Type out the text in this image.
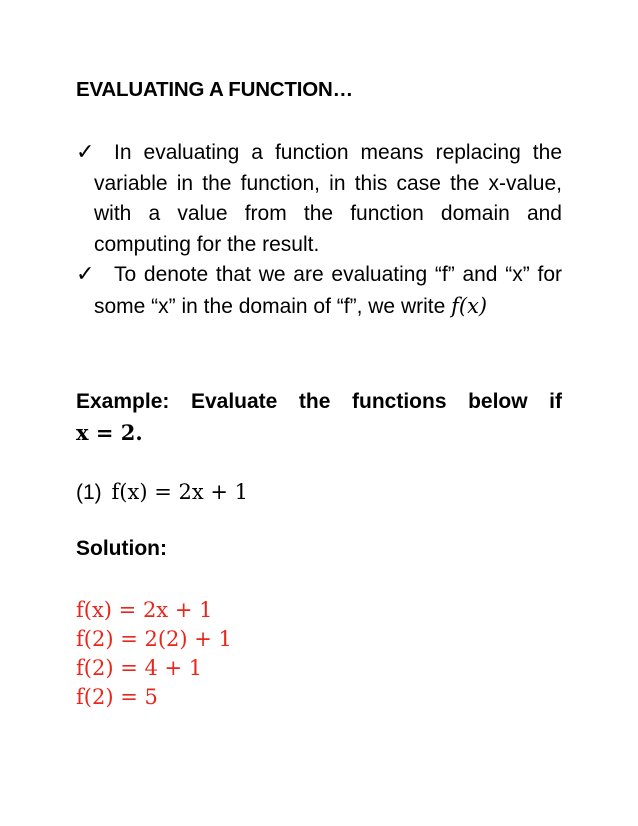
EVALUATING A FUNCTION…
✓ In evaluating a function means replacing the variable in the function, in this case the x-value, with a value from the function domain and computing for the result.
✓ To denote that we are evaluating “f” and “x” for some “x” in the domain of “f”, we write f(x)
Example: Evaluate the functions below if
x = 2.
(1) f(x) = 2x + 1
Solution:
f(x) = 2x + 1
f(2) = 2(2) + 1
f(2) = 4 + 1
f(2) = 5
